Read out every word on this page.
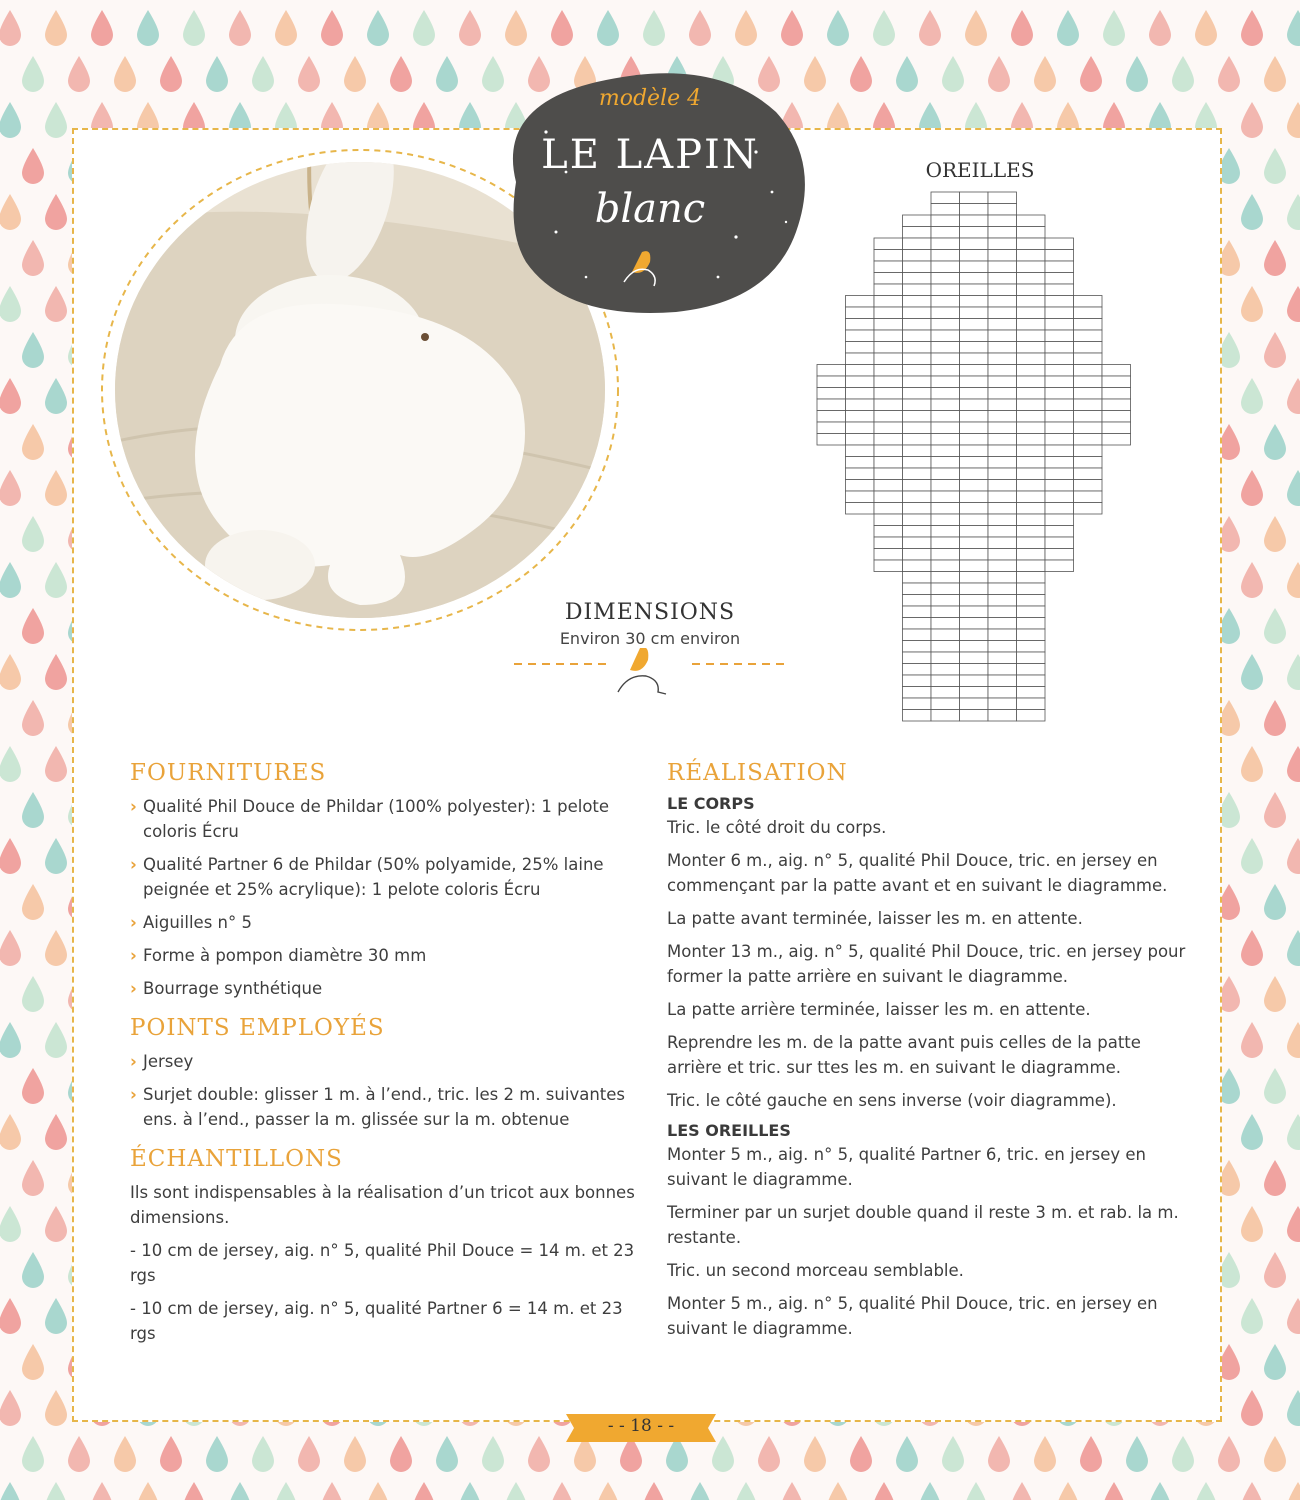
modèle 4
LE LAPIN
blanc
OREILLES
DIMENSIONS
Environ 30 cm environ
FOURNITURES
› Qualité Phil Douce de Phildar (100% polyester): 1 pelote coloris Écru
› Qualité Partner 6 de Phildar (50% polyamide, 25% laine peignée et 25% acrylique): 1 pelote coloris Écru
› Aiguilles n° 5
› Forme à pompon diamètre 30 mm
› Bourrage synthétique
POINTS EMPLOYÉS
› Jersey
› Surjet double: glisser 1 m. à l’end., tric. les 2 m. suivantes ens. à l’end., passer la m. glissée sur la m. obtenue
ÉCHANTILLONS

Ils sont indispensables à la réalisation d’un tricot aux bonnes dimensions.

- 10 cm de jersey, aig. n° 5, qualité Phil Douce = 14 m. et 23 rgs

- 10 cm de jersey, aig. n° 5, qualité Partner 6 = 14 m. et 23 rgs

RÉALISATION
LE CORPS

Tric. le côté droit du corps.

Monter 6 m., aig. n° 5, qualité Phil Douce, tric. en jersey en commençant par la patte avant et en suivant le diagramme.

La patte avant terminée, laisser les m. en attente.

Monter 13 m., aig. n° 5, qualité Phil Douce, tric. en jersey pour former la patte arrière en suivant le diagramme.

La patte arrière terminée, laisser les m. en attente.

Reprendre les m. de la patte avant puis celles de la patte arrière et tric. sur ttes les m. en suivant le diagramme.

Tric. le côté gauche en sens inverse (voir diagramme).

LES OREILLES

Monter 5 m., aig. n° 5, qualité Partner 6, tric. en jersey en suivant le diagramme.

Terminer par un surjet double quand il reste 3 m. et rab. la m. restante.

Tric. un second morceau semblable.

Monter 5 m., aig. n° 5, qualité Phil Douce, tric. en jersey en suivant le diagramme.

- - 18 - -
